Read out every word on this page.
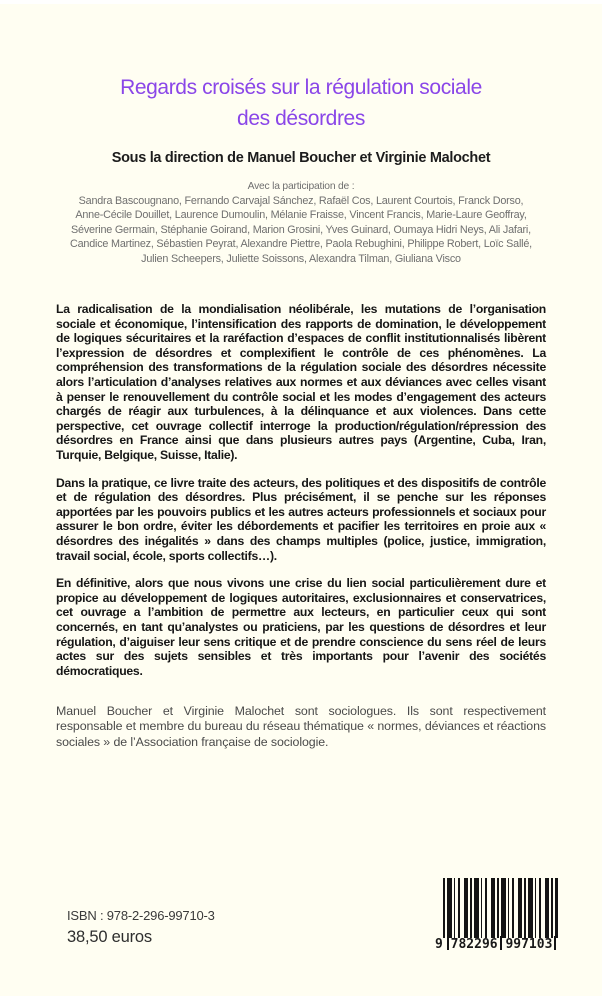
Regards croisés sur la régulation sociale
des désordres
Sous la direction de Manuel Boucher et Virginie Malochet
Avec la participation de :
Sandra Bascougnano, Fernando Carvajal Sánchez, Rafaël Cos, Laurent Courtois, Franck Dorso,
Anne-Cécile Douillet, Laurence Dumoulin, Mélanie Fraisse, Vincent Francis, Marie-Laure Geoffray,
Séverine Germain, Stéphanie Goirand, Marion Grosini, Yves Guinard, Oumaya Hidri Neys, Ali Jafari,
Candice Martinez, Sébastien Peyrat, Alexandre Piettre, Paola Rebughini, Philippe Robert, Loïc Sallé,
Julien Scheepers, Juliette Soissons, Alexandra Tilman, Giuliana Visco

La radicalisation de la mondialisation néolibérale, les mutations de l’organisation sociale et économique, l’intensification des rapports de domination, le développement de logiques sécuritaires et la raréfaction d’espaces de conflit institutionnalisés libèrent l’expression de désordres et complexifient le contrôle de ces phénomènes. La compréhension des transformations de la régulation sociale des désordres nécessite alors l’articulation d’analyses relatives aux normes et aux déviances avec celles visant à penser le renouvellement du contrôle social et les modes d’engagement des acteurs chargés de réagir aux turbulences, à la délinquance et aux violences. Dans cette perspective, cet ouvrage collectif interroge la production/régulation/répression des désordres en France ainsi que dans plusieurs autres pays (Argentine, Cuba, Iran, Turquie, Belgique, Suisse, Italie).

Dans la pratique, ce livre traite des acteurs, des politiques et des dispositifs de contrôle et de régulation des désordres. Plus précisément, il se penche sur les réponses apportées par les pouvoirs publics et les autres acteurs professionnels et sociaux pour assurer le bon ordre, éviter les débordements et pacifier les territoires en proie aux « désordres des inégalités » dans des champs multiples (police, justice, immigration, travail social, école, sports collectifs…).

En définitive, alors que nous vivons une crise du lien social particulièrement dure et propice au développement de logiques autoritaires, exclusionnaires et conservatrices, cet ouvrage a l’ambition de permettre aux lecteurs, en particulier ceux qui sont concernés, en tant qu’analystes ou praticiens, par les questions de désordres et leur régulation, d’aiguiser leur sens critique et de prendre conscience du sens réel de leurs actes sur des sujets sensibles et très importants pour l’avenir des sociétés démocratiques.

Manuel Boucher et Virginie Malochet sont sociologues. Ils sont respectivement responsable et membre du bureau du réseau thématique « normes, déviances et réactions sociales » de l’Association française de sociologie.
ISBN : 978-2-296-99710-3
38,50 euros	9 782296 997103
